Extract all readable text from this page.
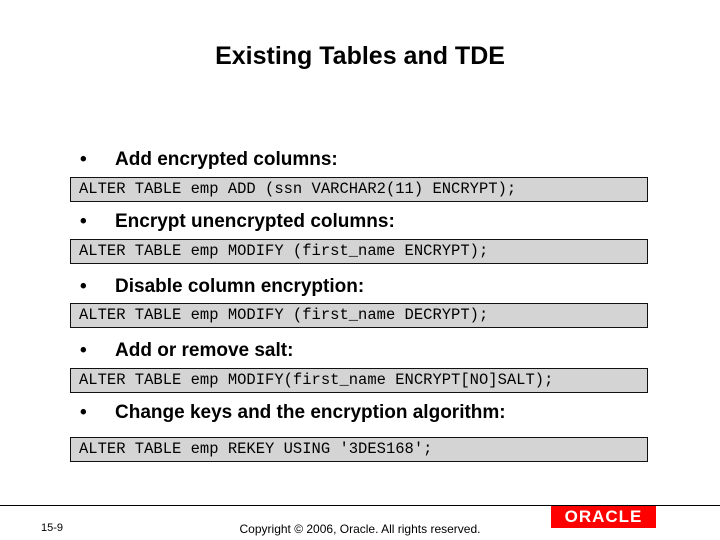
Existing Tables and TDE
•	Add encrypted columns:
ALTER TABLE emp ADD (ssn VARCHAR2(11) ENCRYPT);
•	Encrypt unencrypted columns:
ALTER TABLE emp MODIFY (first_name ENCRYPT);
•	Disable column encryption:
ALTER TABLE emp MODIFY (first_name DECRYPT);
•	Add or remove salt:
ALTER TABLE emp MODIFY(first_name ENCRYPT[NO]SALT);
•	Change keys and the encryption algorithm:
ALTER TABLE emp REKEY USING '3DES168';
15-9	Copyright © 2006, Oracle. All rights reserved.
ORACLE
